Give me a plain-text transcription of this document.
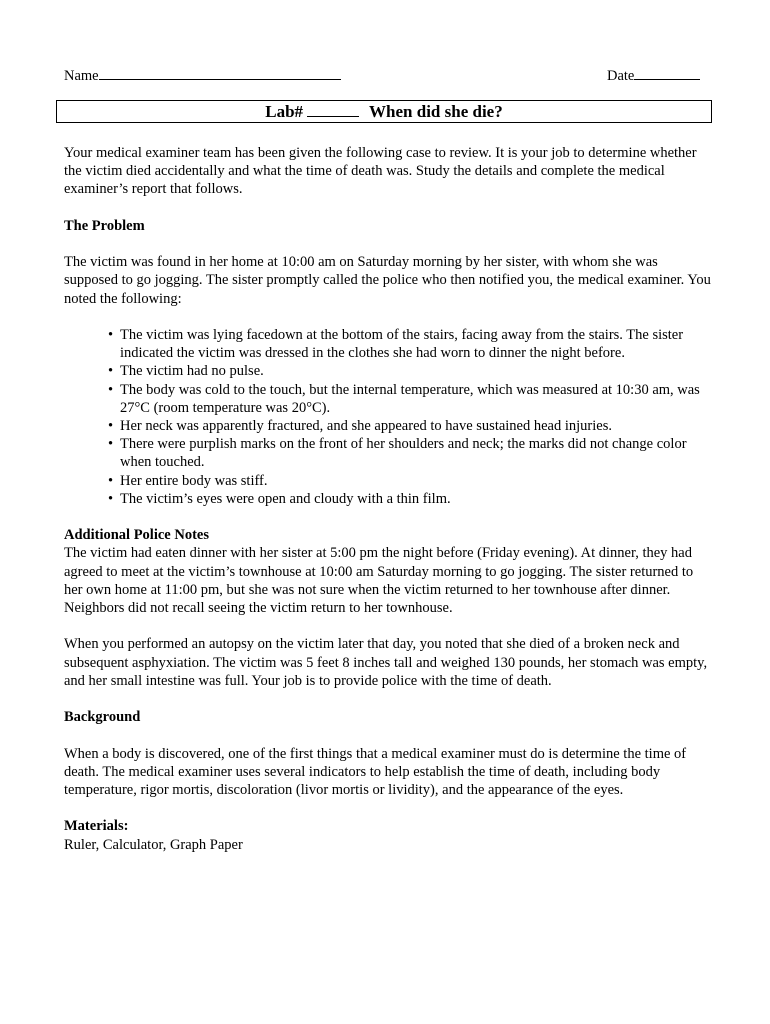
Name	Date
Lab#	When did she die?

Your medical examiner team has been given the following case to review. It is your job to determine whether the victim died accidentally and what the time of death was. Study the details and complete the medical examiner’s report that follows.

The Problem

The victim was found in her home at 10:00 am on Saturday morning by her sister, with whom she was supposed to go jogging. The sister promptly called the police who then notified you, the medical examiner. You noted the following:

• The victim was lying facedown at the bottom of the stairs, facing away from the stairs. The sister indicated the victim was dressed in the clothes she had worn to dinner the night before.
• The victim had no pulse.
• The body was cold to the touch, but the internal temperature, which was measured at 10:30 am, was 27°C (room temperature was 20°C).
• Her neck was apparently fractured, and she appeared to have sustained head injuries.
• There were purplish marks on the front of her shoulders and neck; the marks did not change color when touched.
• Her entire body was stiff.
• The victim’s eyes were open and cloudy with a thin film.

Additional Police Notes

The victim had eaten dinner with her sister at 5:00 pm the night before (Friday evening). At dinner, they had agreed to meet at the victim’s townhouse at 10:00 am Saturday morning to go jogging. The sister returned to her own home at 11:00 pm, but she was not sure when the victim returned to her townhouse after dinner. Neighbors did not recall seeing the victim return to her townhouse.

When you performed an autopsy on the victim later that day, you noted that she died of a broken neck and subsequent asphyxiation. The victim was 5 feet 8 inches tall and weighed 130 pounds, her stomach was empty, and her small intestine was full. Your job is to provide police with the time of death.

Background

When a body is discovered, one of the first things that a medical examiner must do is determine the time of death. The medical examiner uses several indicators to help establish the time of death, including body temperature, rigor mortis, discoloration (livor mortis or lividity), and the appearance of the eyes.

Materials:

Ruler, Calculator, Graph Paper
